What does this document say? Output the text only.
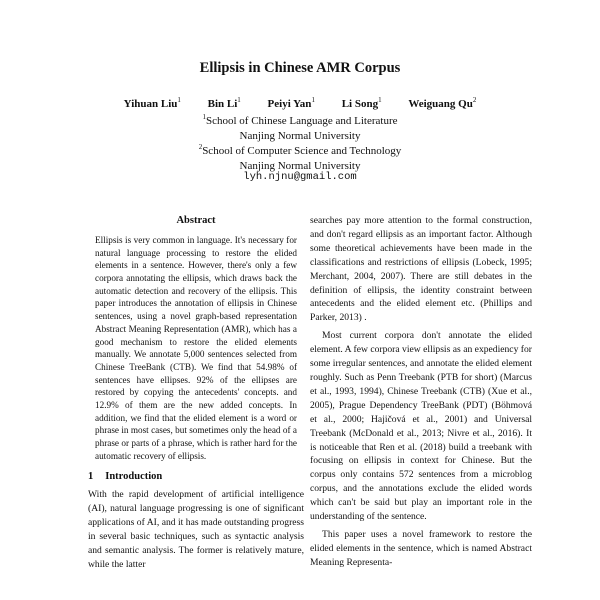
Ellipsis in Chinese AMR Corpus
Yihuan Liu$^1$ Bin Li$^1$ Peiyi Yan$^1$ Li Song$^1$ Weiguang Qu$^2$
$^1$School of Chinese Language and Literature
Nanjing Normal University
$^2$School of Computer Science and Technology
Nanjing Normal University
lyh.njnu@gmail.com
Abstract

Ellipsis is very common in language. It's necessary for natural language processing to restore the elided elements in a sentence. However, there's only a few corpora annotating the ellipsis, which draws back the automatic detection and recovery of the ellipsis. This paper introduces the annotation of ellipsis in Chinese sentences, using a novel graph-based representation Abstract Meaning Representation (AMR), which has a good mechanism to restore the elided elements manually. We annotate 5,000 sentences selected from Chinese TreeBank (CTB). We find that 54.98% of sentences have ellipses. 92% of the ellipses are restored by copying the antecedents' concepts. and 12.9% of them are the new added concepts. In addition, we find that the elided element is a word or phrase in most cases, but sometimes only the head of a phrase or parts of a phrase, which is rather hard for the automatic recovery of ellipsis.

1 Introduction

With the rapid development of artificial intelligence (AI), natural language progressing is one of significant applications of AI, and it has made outstanding progress in several basic techniques, such as syntactic analysis and semantic analysis. The former is relatively mature, while the latter

searches pay more attention to the formal construction, and don't regard ellipsis as an important factor. Although some theoretical achievements have been made in the classifications and restrictions of ellipsis (Lobeck, 1995; Merchant, 2004, 2007). There are still debates in the definition of ellipsis, the identity constraint between antecedents and the elided element etc. (Phillips and Parker, 2013) .

Most current corpora don't annotate the elided element. A few corpora view ellipsis as an expediency for some irregular sentences, and annotate the elided element roughly. Such as Penn Treebank (PTB for short) (Marcus et al., 1993, 1994), Chinese Treebank (CTB) (Xue et al., 2005), Prague Dependency TreeBank (PDT) (Böhmová et al., 2000; Hajičová et al., 2001) and Universal Treebank (McDonald et al., 2013; Nivre et al., 2016). It is noticeable that Ren et al. (2018) build a treebank with focusing on ellipsis in context for Chinese. But the corpus only contains 572 sentences from a microblog corpus, and the annotations exclude the elided words which can't be said but play an important role in the understanding of the sentence.

This paper uses a novel framework to restore the elided elements in the sentence, which is named Abstract Meaning Representa-
